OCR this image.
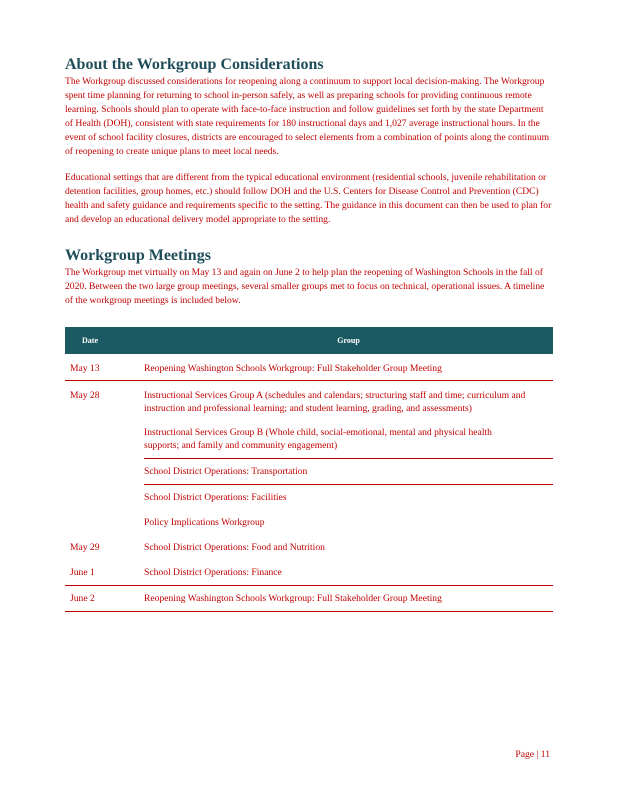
About the Workgroup Considerations

The Workgroup discussed considerations for reopening along a continuum to support local decision-making. The Workgroup spent time planning for returning to school in-person safely, as well as preparing schools for providing continuous remote learning. Schools should plan to operate with face-to-face instruction and follow guidelines set forth by the state Department of Health (DOH), consistent with state requirements for 180 instructional days and 1,027 average instructional hours. In the event of school facility closures, districts are encouraged to select elements from a combination of points along the continuum of reopening to create unique plans to meet local needs.

Educational settings that are different from the typical educational environment (residential schools, juvenile rehabilitation or detention facilities, group homes, etc.) should follow DOH and the U.S. Centers for Disease Control and Prevention (CDC) health and safety guidance and requirements specific to the setting. The guidance in this document can then be used to plan for and develop an educational delivery model appropriate to the setting.

Workgroup Meetings

The Workgroup met virtually on May 13 and again on June 2 to help plan the reopening of Washington Schools in the fall of 2020. Between the two large group meetings, several smaller groups met to focus on technical, operational issues. A timeline of the workgroup meetings is included below.

Date	Group
May 13	Reopening Washington Schools Workgroup: Full Stakeholder Group Meeting
May 28	Instructional Services Group A (schedules and calendars; structuring staff and time; curriculum and instruction and professional learning; and student learning, grading, and assessments)
	Instructional Services Group B (Whole child, social-emotional, mental and physical health supports; and family and community engagement)
	School District Operations: Transportation
	School District Operations: Facilities
	Policy Implications Workgroup
May 29	School District Operations: Food and Nutrition
June 1	School District Operations: Finance
June 2	Reopening Washington Schools Workgroup: Full Stakeholder Group Meeting
Page | 11
